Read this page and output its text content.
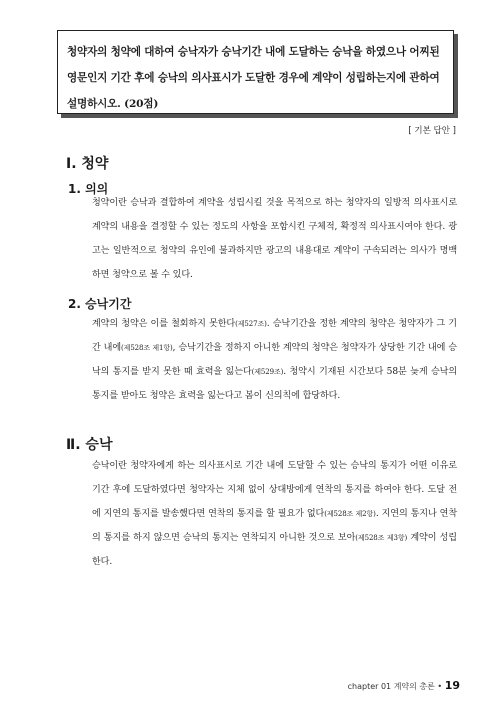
청약자의 청약에 대하여 승낙자가 승낙기간 내에 도달하는 승낙을 하였으나 어찌된 영문인지 기간 후에 승낙의 의사표시가 도달한 경우에 계약이 성립하는지에 관하여 설명하시오. (20점)
[ 기본 답안 ]
Ⅰ. 청약
1. 의의
청약이란 승낙과 결합하여 계약을 성립시킬 것을 목적으로 하는 청약자의 일방적 의사표시로 계약의 내용을 결정할 수 있는 정도의 사항을 포함시킨 구체적, 확정적 의사표시여야 한다. 광고는 일반적으로 청약의 유인에 불과하지만 광고의 내용대로 계약이 구속되려는 의사가 명백하면 청약으로 볼 수 있다.
2. 승낙기간
계약의 청약은 이를 철회하지 못한다(제527조). 승낙기간을 정한 계약의 청약은 청약자가 그 기간 내에(제528조 제1항), 승낙기간을 정하지 아니한 계약의 청약은 청약자가 상당한 기간 내에 승낙의 통지를 받지 못한 때 효력을 잃는다(제529조). 청약시 기재된 시간보다 58분 늦게 승낙의 통지를 받아도 청약은 효력을 잃는다고 봄이 신의칙에 합당하다.
Ⅱ. 승낙
승낙이란 청약자에게 하는 의사표시로 기간 내에 도달할 수 있는 승낙의 통지가 어떤 이유로 기간 후에 도달하였다면 청약자는 지체 없이 상대방에게 연착의 통지를 하여야 한다. 도달 전에 지연의 통지를 발송했다면 연착의 통지를 할 필요가 없다(제528조 제2항). 지연의 통지나 연착의 통지를 하지 않으면 승낙의 통지는 연착되지 아니한 것으로 보아(제528조 제3항) 계약이 성립한다.
chapter 01 계약의 총론 • 19
